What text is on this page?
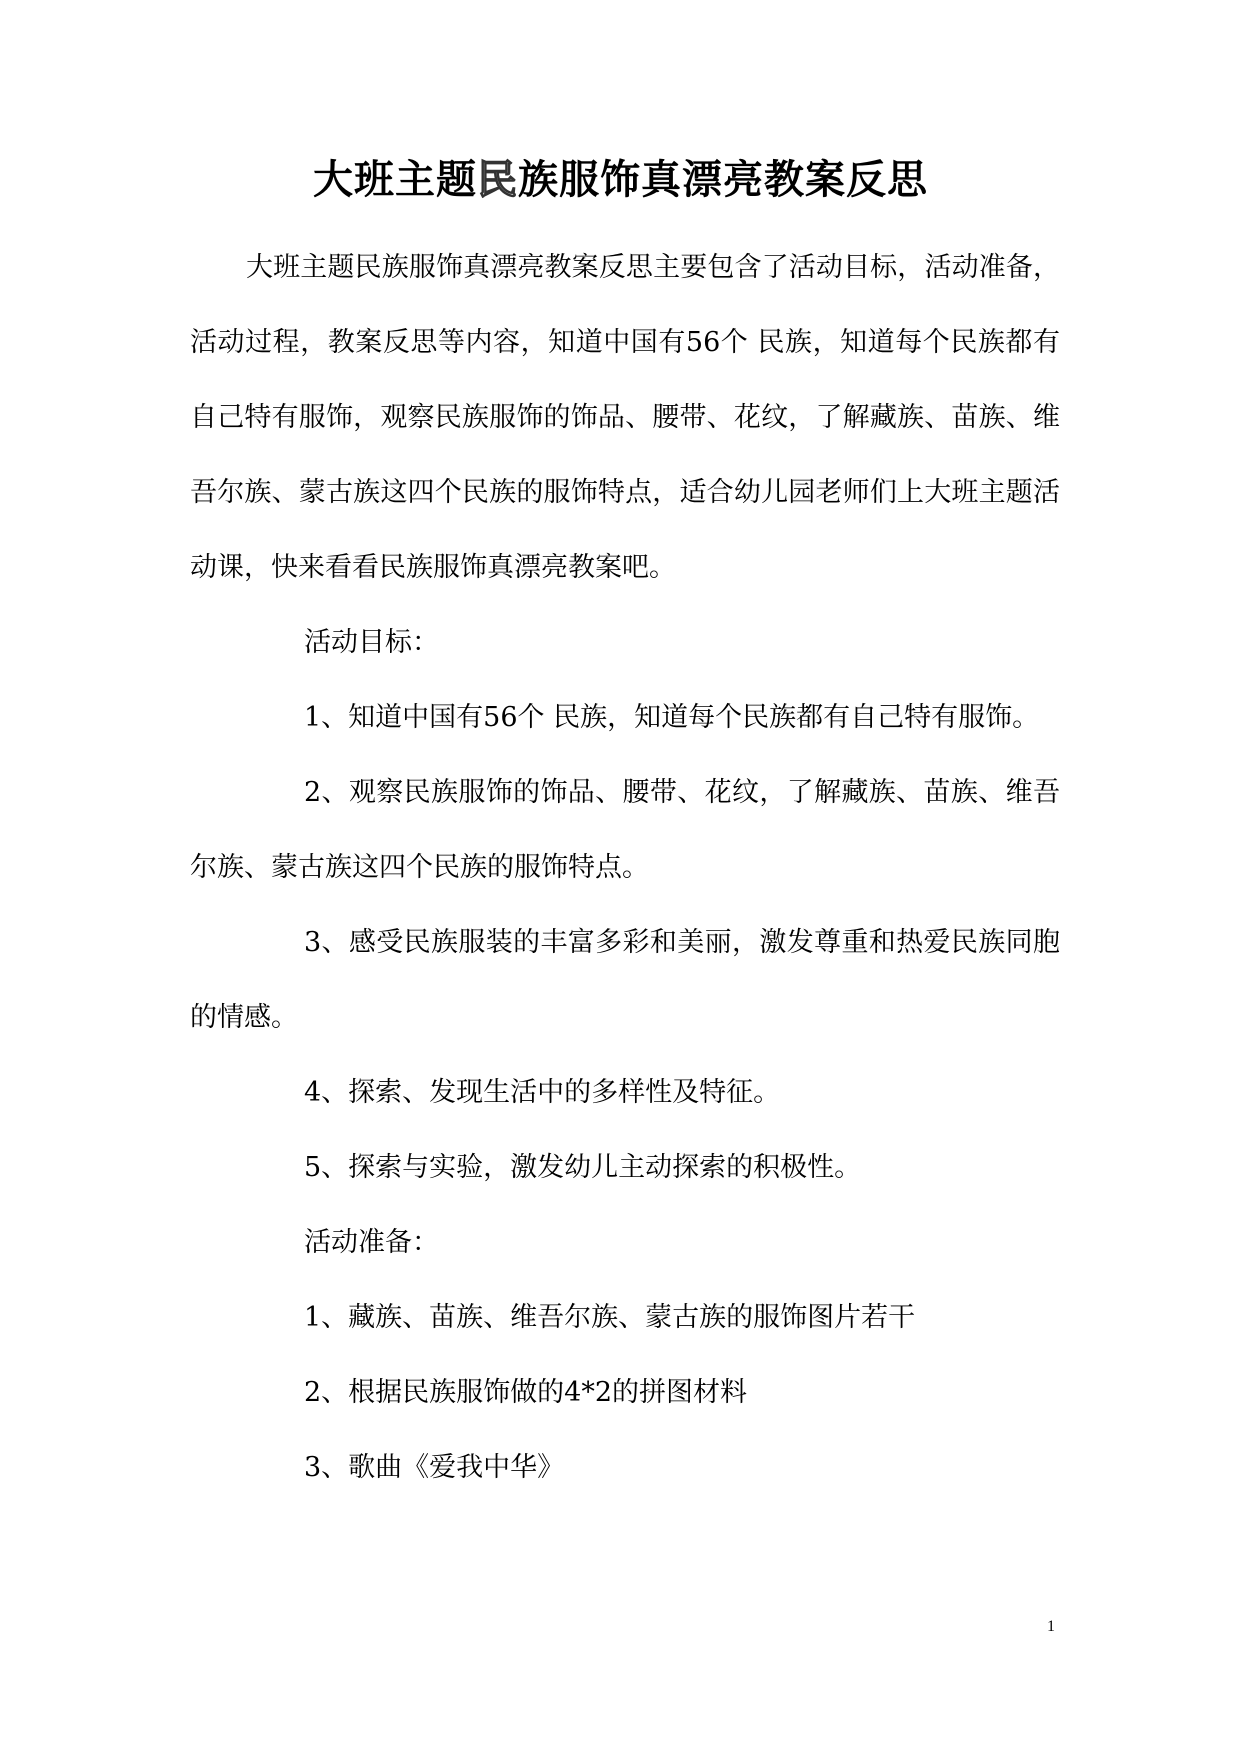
大班主题民族服饰真漂亮教案反思

大班主题民族服饰真漂亮教案反思主要包含了活动目标，活动准备，活动过程，教案反思等内容，知道中国有56个 民族，知道每个民族都有自己特有服饰，观察民族服饰的饰品、腰带、花纹，了解藏族、苗族、维吾尔族、蒙古族这四个民族的服饰特点，适合幼儿园老师们上大班主题活动课，快来看看民族服饰真漂亮教案吧。

活动目标：

1、知道中国有56个 民族，知道每个民族都有自己特有服饰。

2、观察民族服饰的饰品、腰带、花纹，了解藏族、苗族、维吾尔族、蒙古族这四个民族的服饰特点。

3、感受民族服装的丰富多彩和美丽，激发尊重和热爱民族同胞的情感。

4、探索、发现生活中的多样性及特征。

5、探索与实验，激发幼儿主动探索的积极性。

活动准备：

1、藏族、苗族、维吾尔族、蒙古族的服饰图片若干

2、根据民族服饰做的4*2的拼图材料

3、歌曲《爱我中华》

1
